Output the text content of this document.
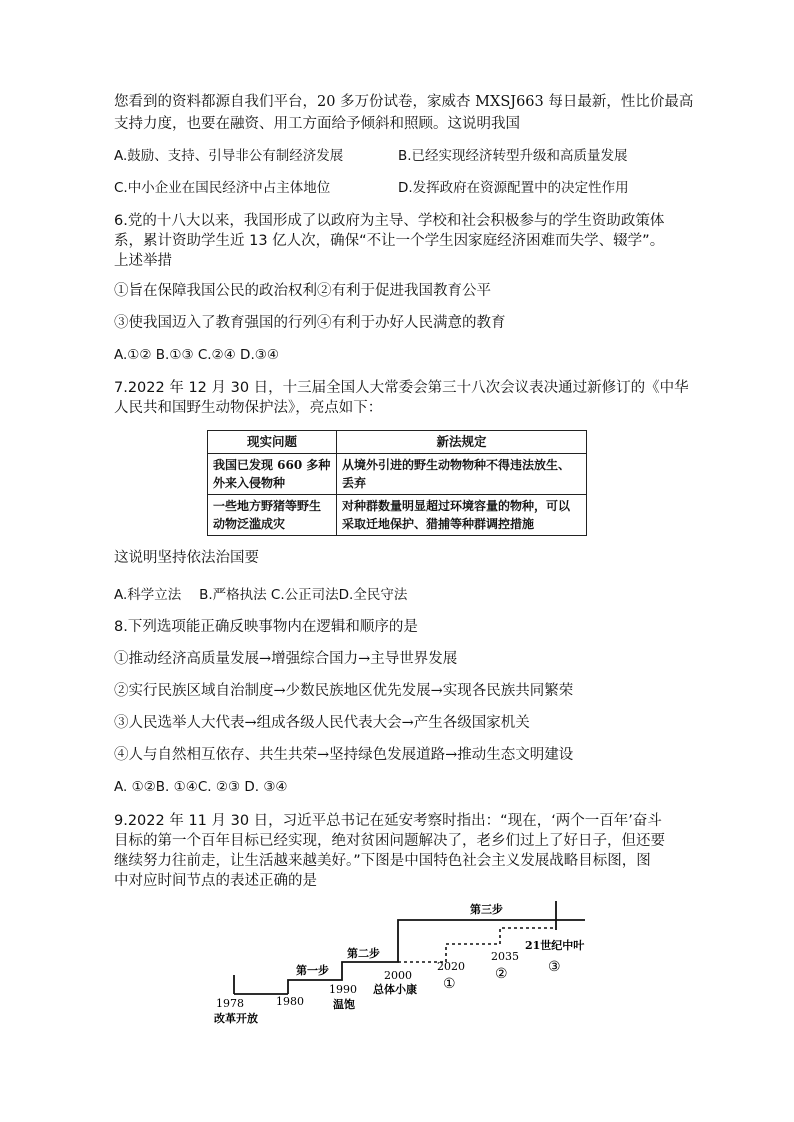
您看到的资料都源自我们平台，20 多万份试卷，家威杏 MXSJ663 每日最新，性比价最高
支持力度，也要在融资、用工方面给予倾斜和照顾。这说明我国
A.鼓励、支持、引导非公有制经济发展	B.已经实现经济转型升级和高质量发展
C.中小企业在国民经济中占主体地位	D.发挥政府在资源配置中的决定性作用
6.党的十八大以来，我国形成了以政府为主导、学校和社会积极参与的学生资助政策体
系，累计资助学生近 13 亿人次，确保“不让一个学生因家庭经济困难而失学、辍学”。
上述举措
①旨在保障我国公民的政治权利②有利于促进我国教育公平
③使我国迈入了教育强国的行列④有利于办好人民满意的教育
A.①② B.①③ C.②④ D.③④
7.2022 年 12 月 30 日，十三届全国人大常委会第三十八次会议表决通过新修订的《中华
人民共和国野生动物保护法》，亮点如下：
现实问题	新法规定
我国已发现 660 多种外来入侵物种	从境外引进的野生动物物种不得违法放生、丢弃
一些地方野猪等野生动物泛滥成灾	对种群数量明显超过环境容量的物种，可以采取迁地保护、猎捕等种群调控措施
这说明坚持依法治国要
A.科学立法　 B.严格执法 C.公正司法D.全民守法
8.下列选项能正确反映事物内在逻辑和顺序的是
①推动经济高质量发展→增强综合国力→主导世界发展
②实行民族区域自治制度→少数民族地区优先发展→实现各民族共同繁荣
③人民选举人大代表→组成各级人民代表大会→产生各级国家机关
④人与自然相互依存、共生共荣→坚持绿色发展道路→推动生态文明建设
A. ①②B. ①④C. ②③ D. ③④
9.2022 年 11 月 30 日，习近平总书记在延安考察时指出：“现在，‘两个一百年’奋斗
目标的第一个百年目标已经实现，绝对贫困问题解决了，老乡们过上了好日子，但还要
继续努力往前走，让生活越来越美好。”下图是中国特色社会主义发展战略目标图，图
中对应时间节点的表述正确的是
第三步
第一步
第二步
1978
改革开放
1980
1990
温饱
2000
总体小康
2020
①
2035
②
21世纪中叶
③
